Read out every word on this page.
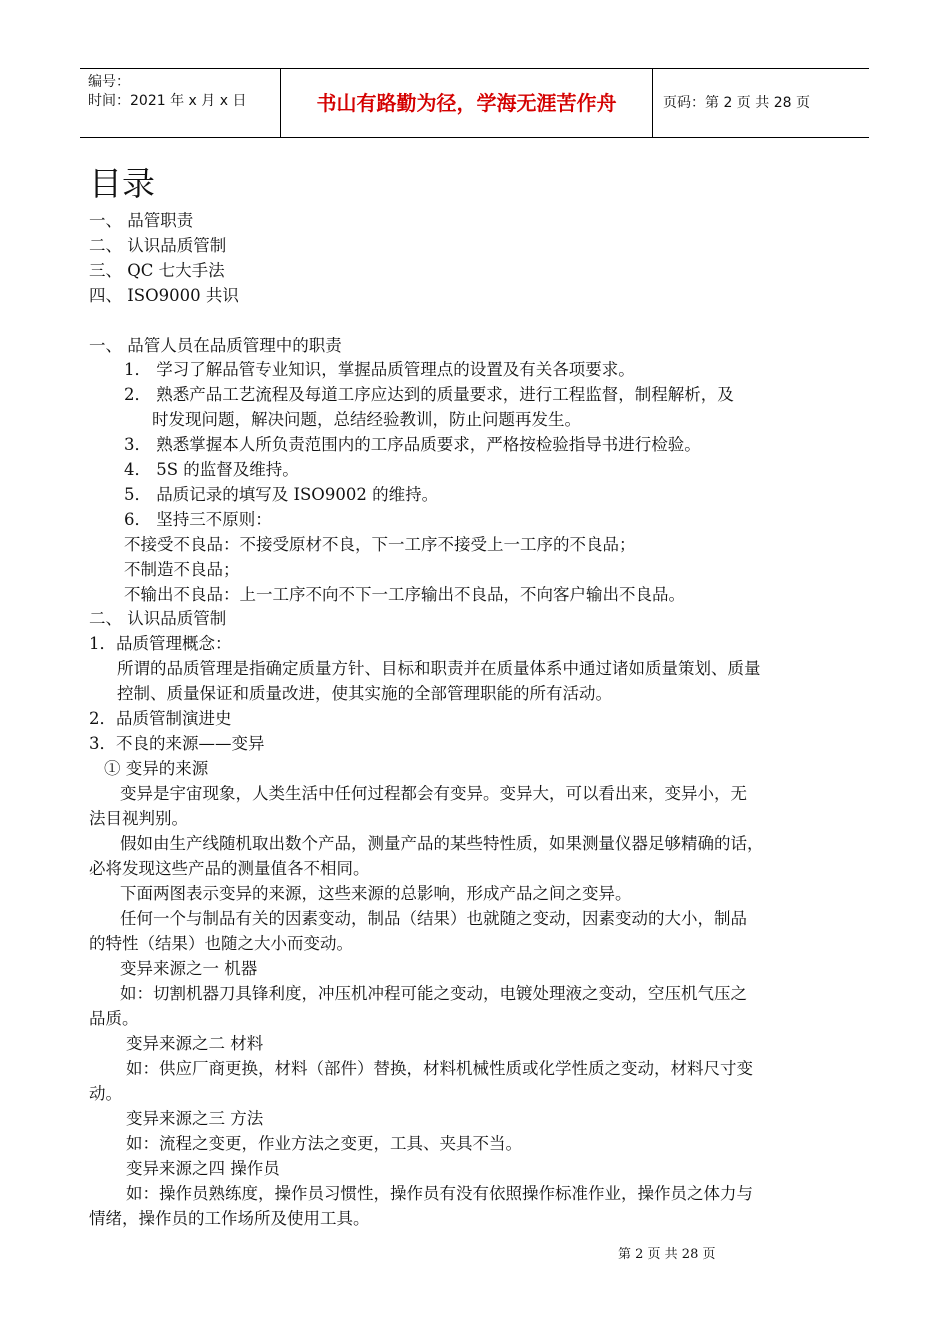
编号：
时间：2021 年 x 月 x 日	书山有路勤为径，学海无涯苦作舟	页码：第 2 页 共 28 页
目录
一、 品管职责
二、 认识品质管制
三、 QC 七大手法
四、 ISO9000 共识
一、 品管人员在品质管理中的职责
1． 学习了解品管专业知识，掌握品质管理点的设置及有关各项要求。
2． 熟悉产品工艺流程及每道工序应达到的质量要求，进行工程监督，制程解析，及
时发现问题，解决问题，总结经验教训，防止问题再发生。
3． 熟悉掌握本人所负责范围内的工序品质要求，严格按检验指导书进行检验。
4． 5S 的监督及维持。
5． 品质记录的填写及 ISO9002 的维持。
6． 坚持三不原则：
不接受不良品：不接受原材不良，下一工序不接受上一工序的不良品；
不制造不良品；
不输出不良品：上一工序不向不下一工序输出不良品，不向客户输出不良品。
二、 认识品质管制
1．品质管理概念：
所谓的品质管理是指确定质量方针、目标和职责并在质量体系中通过诸如质量策划、质量
控制、质量保证和质量改进，使其实施的全部管理职能的所有活动。
2．品质管制演进史
3．不良的来源——变异
① 变异的来源
变异是宇宙现象，人类生活中任何过程都会有变异。变异大，可以看出来，变异小，无
法目视判别。
假如由生产线随机取出数个产品，测量产品的某些特性质，如果测量仪器足够精确的话，
必将发现这些产品的测量值各不相同。
下面两图表示变异的来源，这些来源的总影响，形成产品之间之变异。
任何一个与制品有关的因素变动，制品（结果）也就随之变动，因素变动的大小，制品
的特性（结果）也随之大小而变动。
变异来源之一 机器
如：切割机器刀具锋利度，冲压机冲程可能之变动，电镀处理液之变动，空压机气压之
品质。
变异来源之二 材料
如：供应厂商更换，材料（部件）替换，材料机械性质或化学性质之变动，材料尺寸变
动。
变异来源之三 方法
如：流程之变更，作业方法之变更，工具、夹具不当。
变异来源之四 操作员
如：操作员熟练度，操作员习惯性，操作员有没有依照操作标准作业，操作员之体力与
情绪，操作员的工作场所及使用工具。
第 2 页 共 28 页
